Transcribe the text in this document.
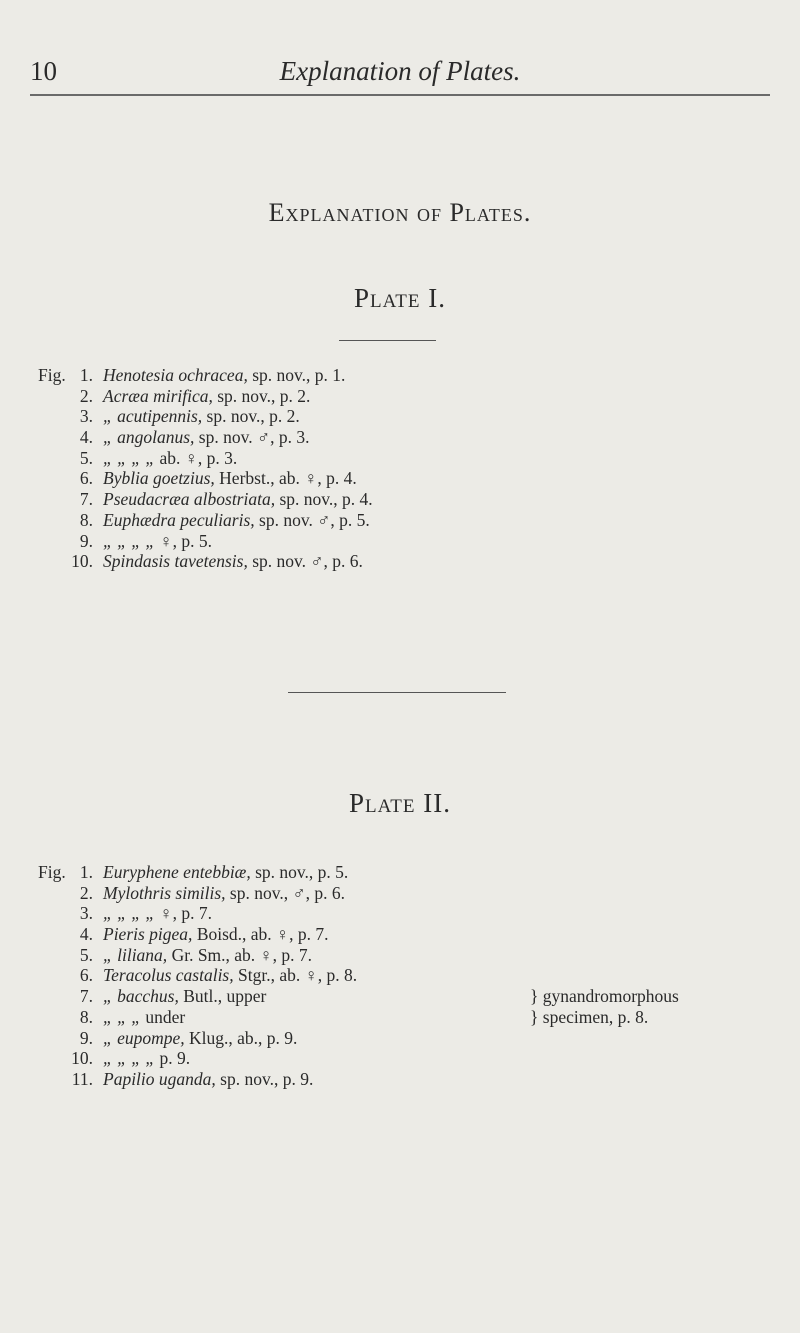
10	Explanation of Plates.
Explanation of Plates.
Plate I.
Fig. 1. Henotesia ochracea, sp. nov., p. 1.
2. Acræa mirifica, sp. nov., p. 2.
3. „ acutipennis, sp. nov., p. 2.
4. „ angolanus, sp. nov. ♂, p. 3.
5. „ „ „ „ ab. ♀, p. 3.
6. Byblia goetzius, Herbst., ab. ♀, p. 4.
7. Pseudacræa albostriata, sp. nov., p. 4.
8. Euphædra peculiaris, sp. nov. ♂, p. 5.
9. „ „ „ „ ♀, p. 5.
10. Spindasis tavetensis, sp. nov. ♂, p. 6.
Plate II.
Fig. 1. Euryphene entebbiæ, sp. nov., p. 5.
2. Mylothris similis, sp. nov., ♂, p. 6.
3. „ „ „ „ ♀, p. 7.
4. Pieris pigea, Boisd., ab. ♀, p. 7.
5. „ liliana, Gr. Sm., ab. ♀, p. 7.
6. Teracolus castalis, Stgr., ab. ♀, p. 8.
7. „ bacchus, Butl., upper	} gynandromorphous
8. „ „ „ under	} specimen, p. 8.
9. „ eupompe, Klug., ab., p. 9.
10. „ „ „ „ p. 9.
11. Papilio uganda, sp. nov., p. 9.
